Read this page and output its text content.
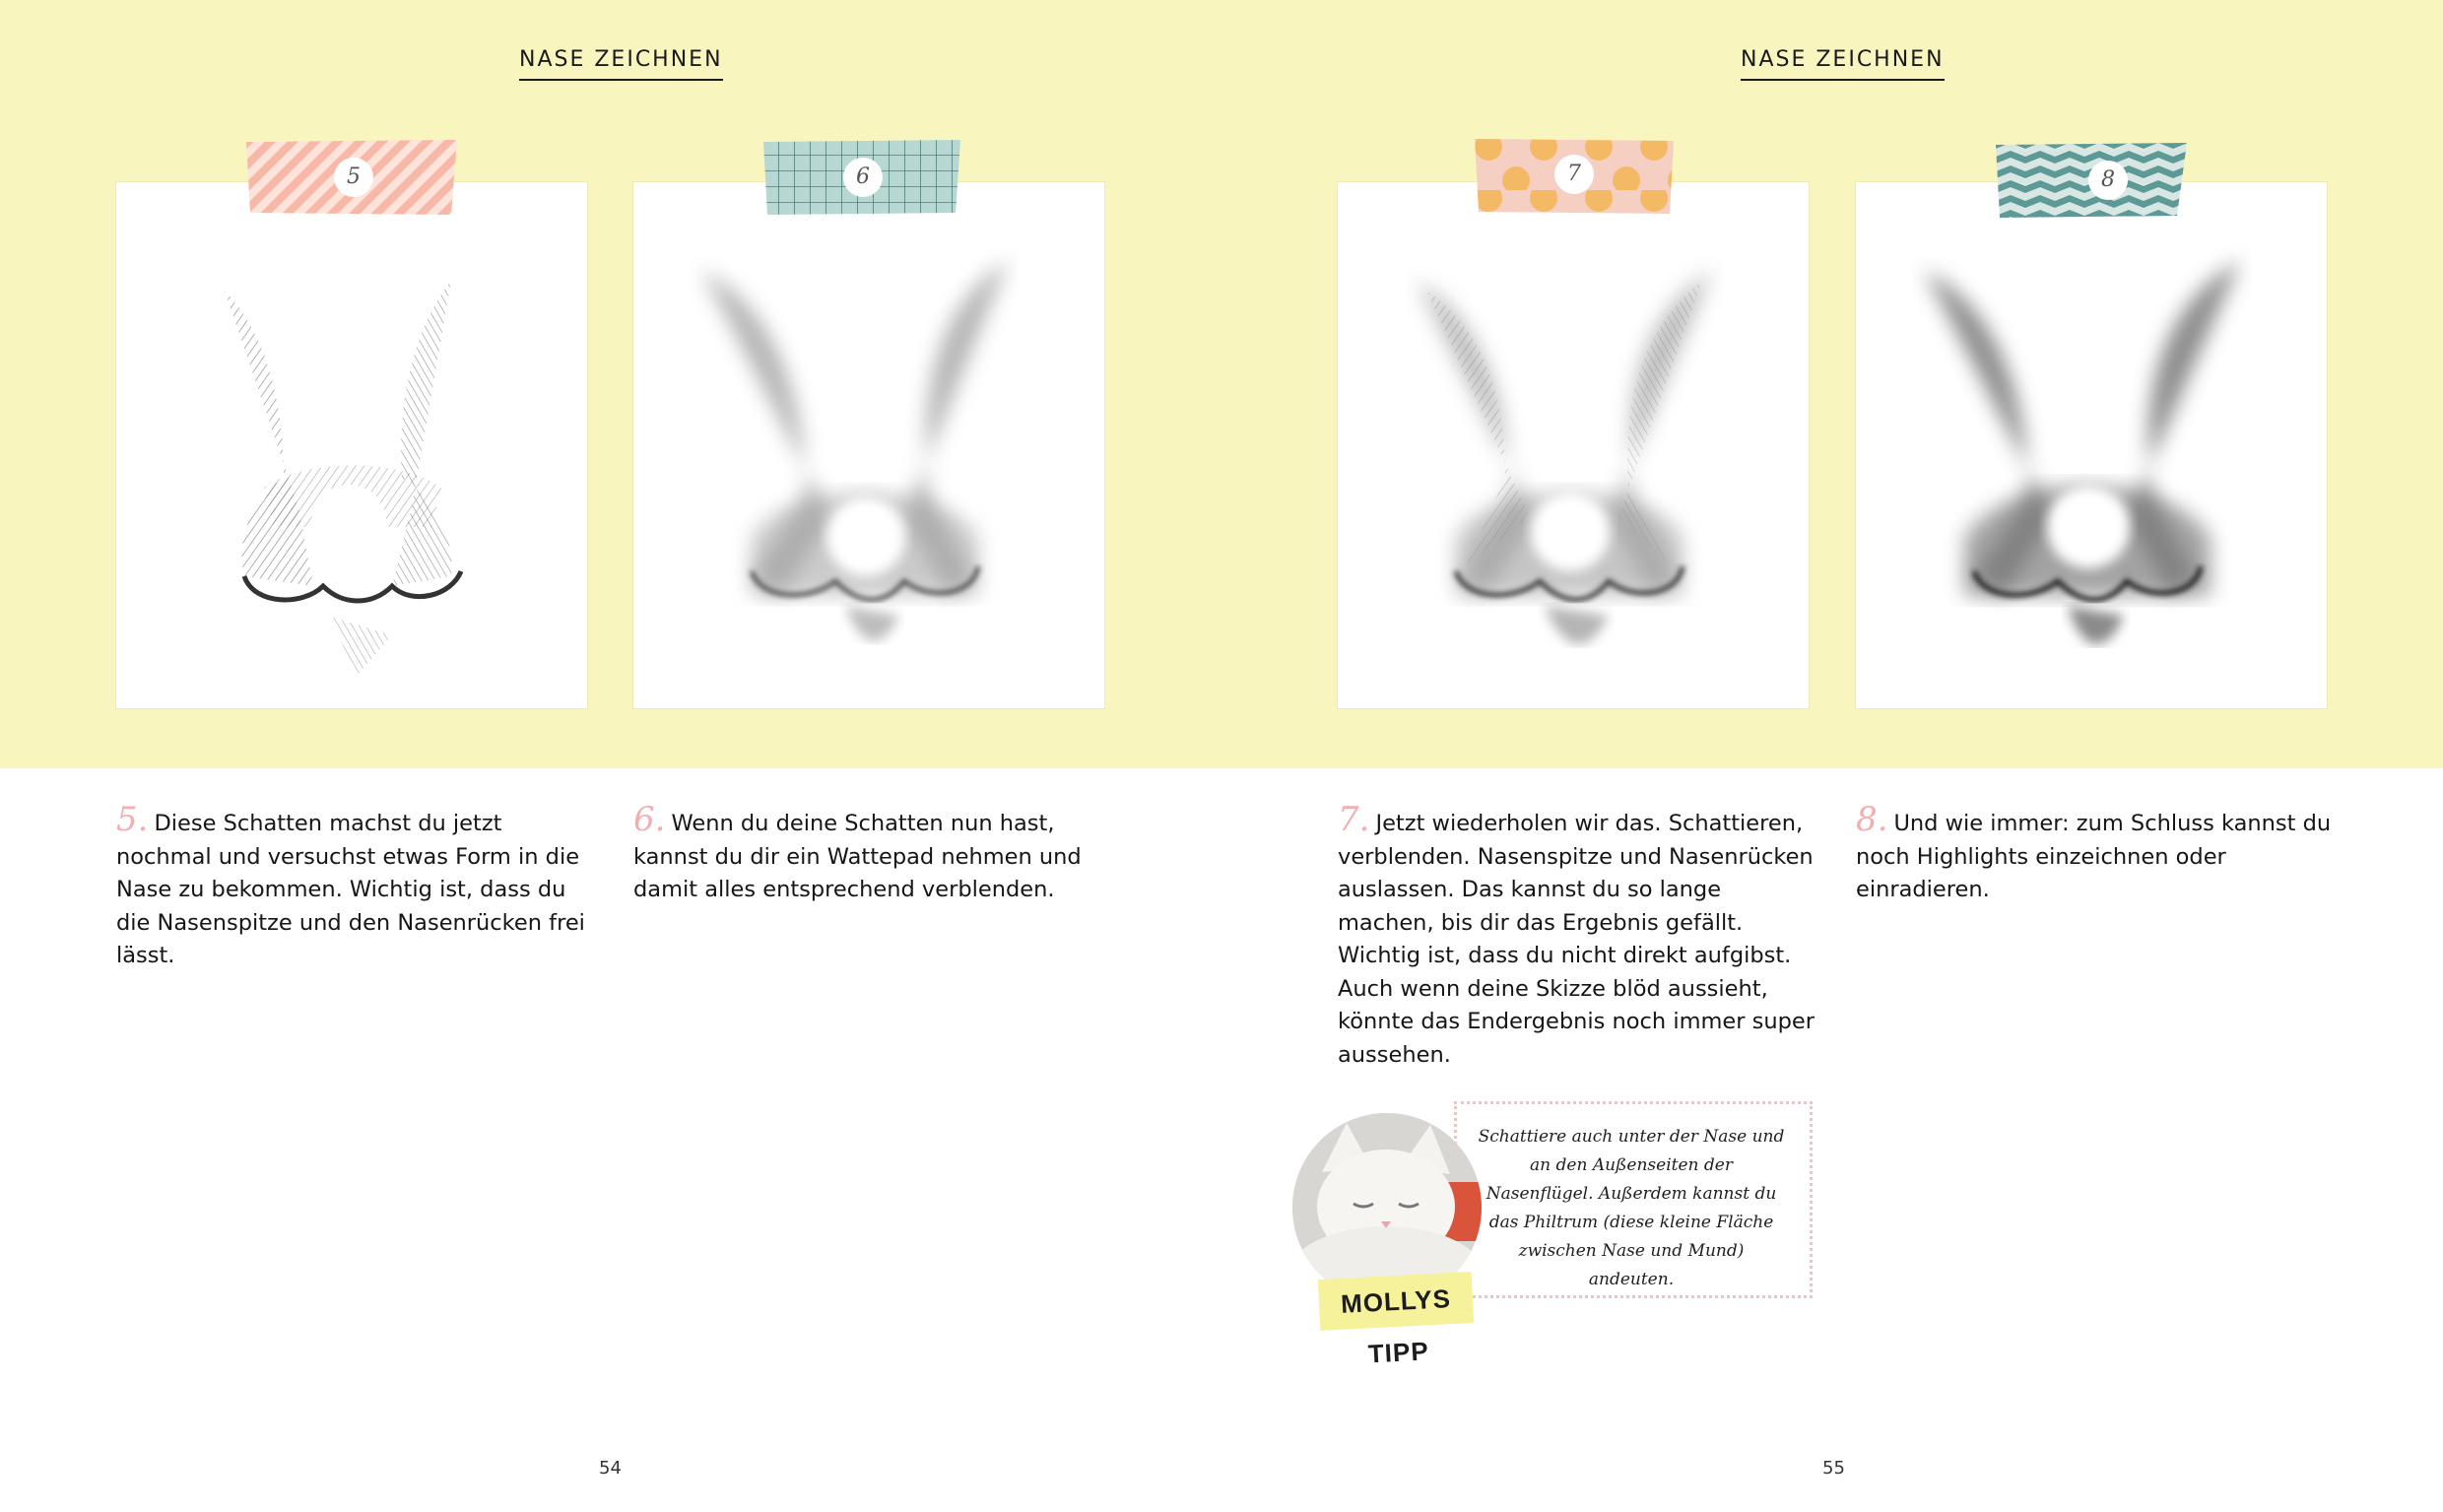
NASE ZEICHNEN	NASE ZEICHNEN
5	6	7	8
5. Diese Schatten machst du jetzt nochmal und versuchst etwas Form in die Nase zu bekommen. Wichtig ist, dass du die Nasenspitze und den Nasenrücken frei lässt.
6. Wenn du deine Schatten nun hast, kannst du dir ein Wattepad nehmen und damit alles entsprechend verblenden.
7. Jetzt wiederholen wir das. Schattieren, verblenden. Nasenspitze und Nasenrücken auslassen. Das kannst du so lange machen, bis dir das Ergebnis gefällt. Wichtig ist, dass du nicht direkt aufgibst. Auch wenn deine Skizze blöd aussieht, könnte das Endergebnis noch immer super aussehen.
8. Und wie immer: zum Schluss kannst du noch Highlights einzeichnen oder einradieren.
Schattiere auch unter der Nase und an den Außenseiten der Nasenflügel. Außerdem kannst du das Philtrum (diese kleine Fläche zwischen Nase und Mund) andeuten.
MOLLYS TIPP
54	55
